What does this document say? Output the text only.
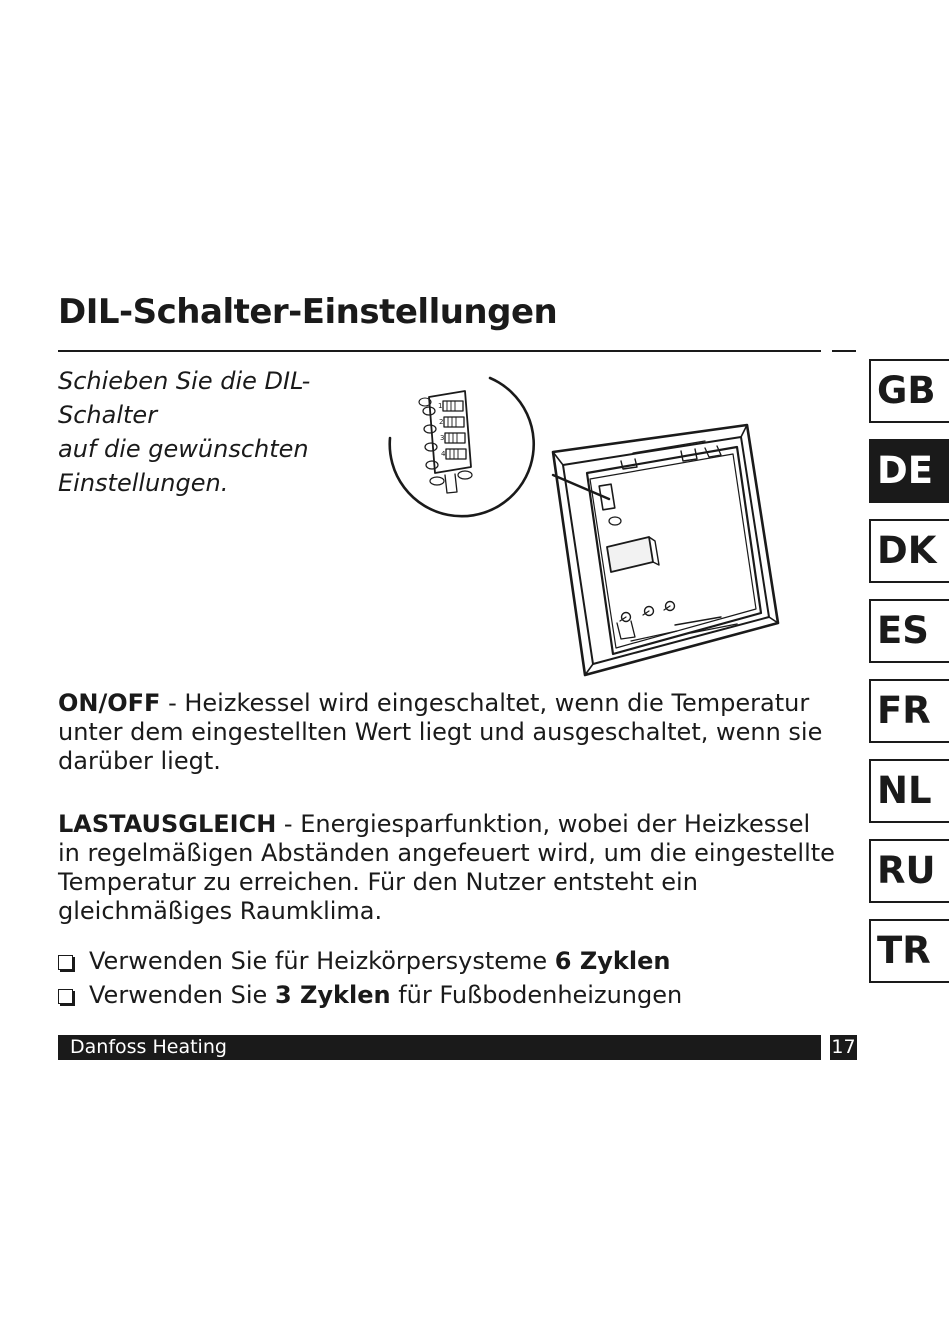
DIL-Schalter-Einstellungen

Schieben Sie die DIL-Schalter
auf die gewünschten
Einstellungen.

1
2
3
4

ON/OFF - Heizkessel wird eingeschaltet, wenn die Temperatur unter dem eingestellten Wert liegt und ausgeschaltet, wenn sie darüber liegt.

LASTAUSGLEICH - Energiesparfunktion, wobei der Heizkessel in regelmäßigen Abständen angefeuert wird, um die eingestellte Temperatur zu erreichen. Für den Nutzer entsteht ein gleichmäßiges Raumklima.

Verwenden Sie für Heizkörpersysteme 6 Zyklen
Verwenden Sie 3 Zyklen für Fußbodenheizungen
Danfoss Heating	17
GB
DE
DK
ES
FR
NL
RU
TR
